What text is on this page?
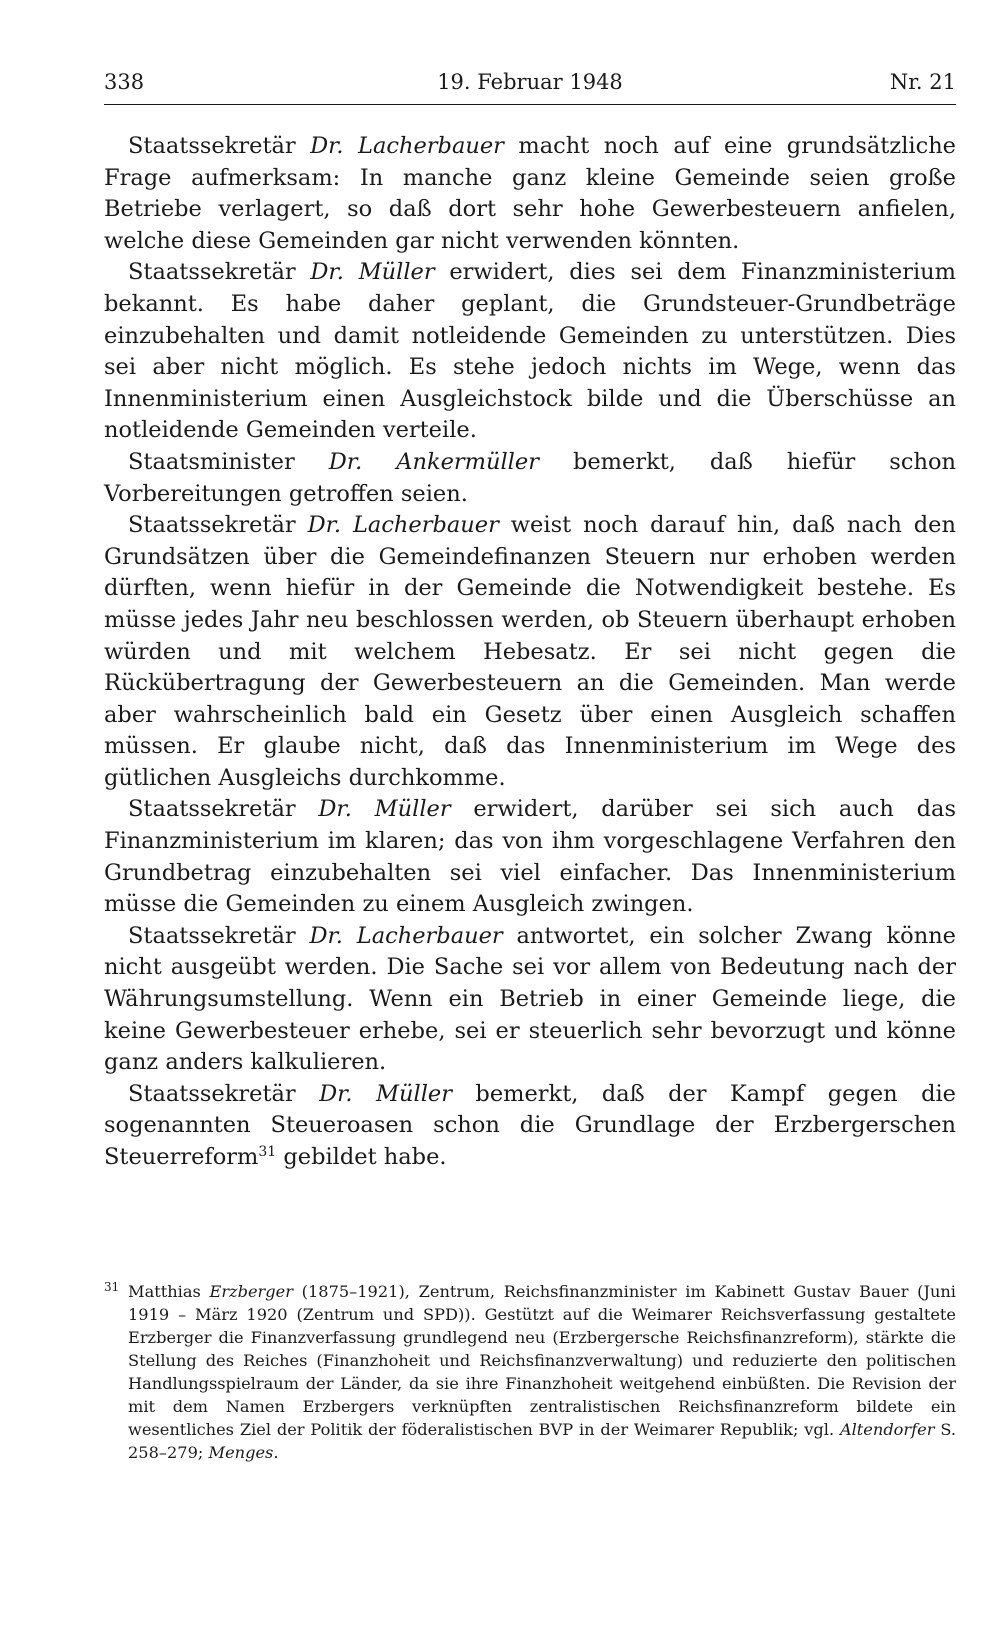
19. Februar 1948
338	Nr. 21

Staatssekretär Dr. Lacherbauer macht noch auf eine grundsätzliche Frage aufmerksam: In manche ganz kleine Gemeinde seien große Betriebe verlagert, so daß dort sehr hohe Gewerbesteuern anfielen, welche diese Gemeinden gar nicht verwenden könnten.

Staatssekretär Dr. Müller erwidert, dies sei dem Finanzministerium bekannt. Es habe daher geplant, die Grundsteuer-Grundbeträge einzubehalten und damit notleidende Gemeinden zu unterstützen. Dies sei aber nicht möglich. Es stehe jedoch nichts im Wege, wenn das Innenministerium einen Ausgleichstock bilde und die Überschüsse an notleidende Gemeinden verteile.

Staatsminister Dr. Ankermüller bemerkt, daß hiefür schon Vorbereitungen getroffen seien.

Staatssekretär Dr. Lacherbauer weist noch darauf hin, daß nach den Grundsätzen über die Gemeindefinanzen Steuern nur erhoben werden dürften, wenn hiefür in der Gemeinde die Notwendigkeit bestehe. Es müsse jedes Jahr neu beschlossen werden, ob Steuern überhaupt erhoben würden und mit welchem Hebesatz. Er sei nicht gegen die Rückübertragung der Gewerbesteuern an die Gemeinden. Man werde aber wahrscheinlich bald ein Gesetz über einen Ausgleich schaffen müssen. Er glaube nicht, daß das Innenministerium im Wege des gütlichen Ausgleichs durchkomme.

Staatssekretär Dr. Müller erwidert, darüber sei sich auch das Finanzministerium im klaren; das von ihm vorgeschlagene Verfahren den Grundbetrag einzubehalten sei viel einfacher. Das Innenministerium müsse die Gemeinden zu einem Ausgleich zwingen.

Staatssekretär Dr. Lacherbauer antwortet, ein solcher Zwang könne nicht ausgeübt werden. Die Sache sei vor allem von Bedeutung nach der Währungsumstellung. Wenn ein Betrieb in einer Gemeinde liege, die keine Gewerbesteuer erhebe, sei er steuerlich sehr bevorzugt und könne ganz anders kalkulieren.

Staatssekretär Dr. Müller bemerkt, daß der Kampf gegen die sogenannten Steueroasen schon die Grundlage der Erzbergerschen Steuerreform$^{31}$ gebildet habe.

31 Matthias Erzberger (1875–1921), Zentrum, Reichsfinanzminister im Kabinett Gustav Bauer (Juni 1919 – März 1920 (Zentrum und SPD)). Gestützt auf die Weimarer Reichsverfassung gestaltete Erzberger die Finanzverfassung grundlegend neu (Erzbergersche Reichsfinanzreform), stärkte die Stellung des Reiches (Finanzhoheit und Reichsfinanzverwaltung) und reduzierte den politischen Handlungsspielraum der Länder, da sie ihre Finanzhoheit weitgehend einbüßten. Die Revision der mit dem Namen Erzbergers verknüpften zentralistischen Reichsfinanzreform bildete ein wesentliches Ziel der Politik der föderalistischen BVP in der Weimarer Republik; vgl. Altendorfer S. 258–279; Menges.
